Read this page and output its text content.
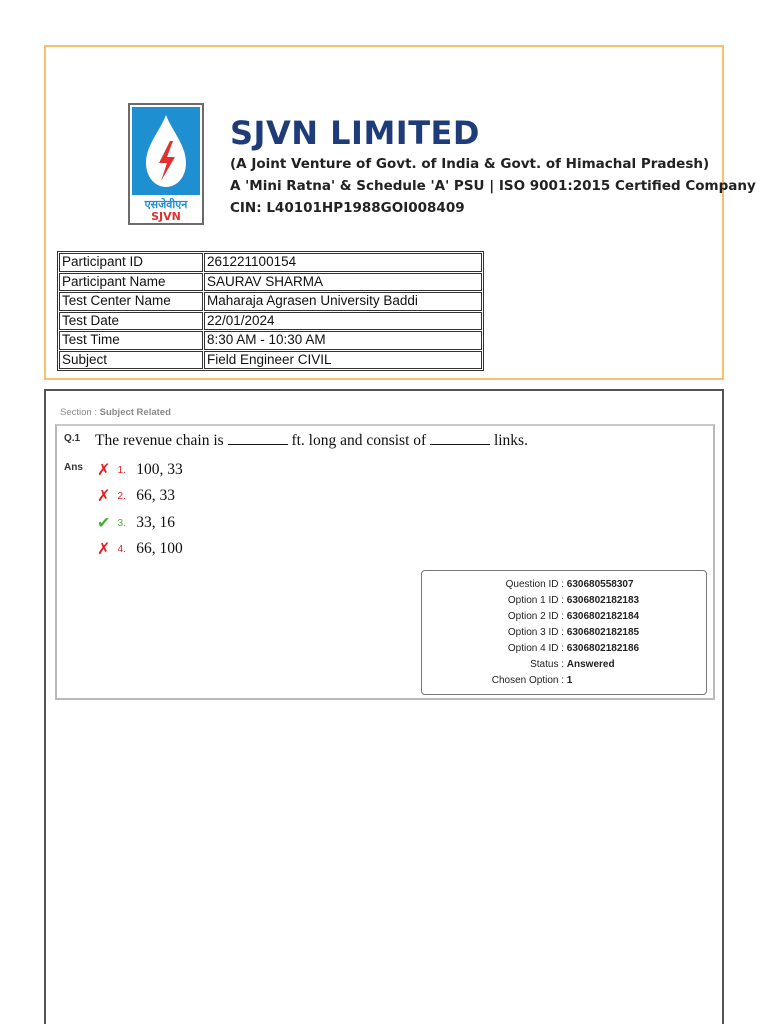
एसजेवीएन
SJVN
SJVN LIMITED
(A Joint Venture of Govt. of India & Govt. of Himachal Pradesh)
A 'Mini Ratna' & Schedule 'A' PSU | ISO 9001:2015 Certified Company
CIN: L40101HP1988GOI008409
Participant ID	261221100154
Participant Name	SAURAV SHARMA
Test Center Name	Maharaja Agrasen University Baddi
Test Date	22/01/2024
Test Time	8:30 AM - 10:30 AM
Subject	Field Engineer CIVIL
Section : Subject Related
Q.1 The revenue chain is	ft. long and consist of	links.
Ans ✗ 1. 100, 33
✗ 2. 66, 33
✔ 3. 33, 16
✗ 4. 66, 100
Question ID : 630680558307
Option 1 ID : 6306802182183
Option 2 ID : 6306802182184
Option 3 ID : 6306802182185
Option 4 ID : 6306802182186
Status : Answered
Chosen Option : 1
